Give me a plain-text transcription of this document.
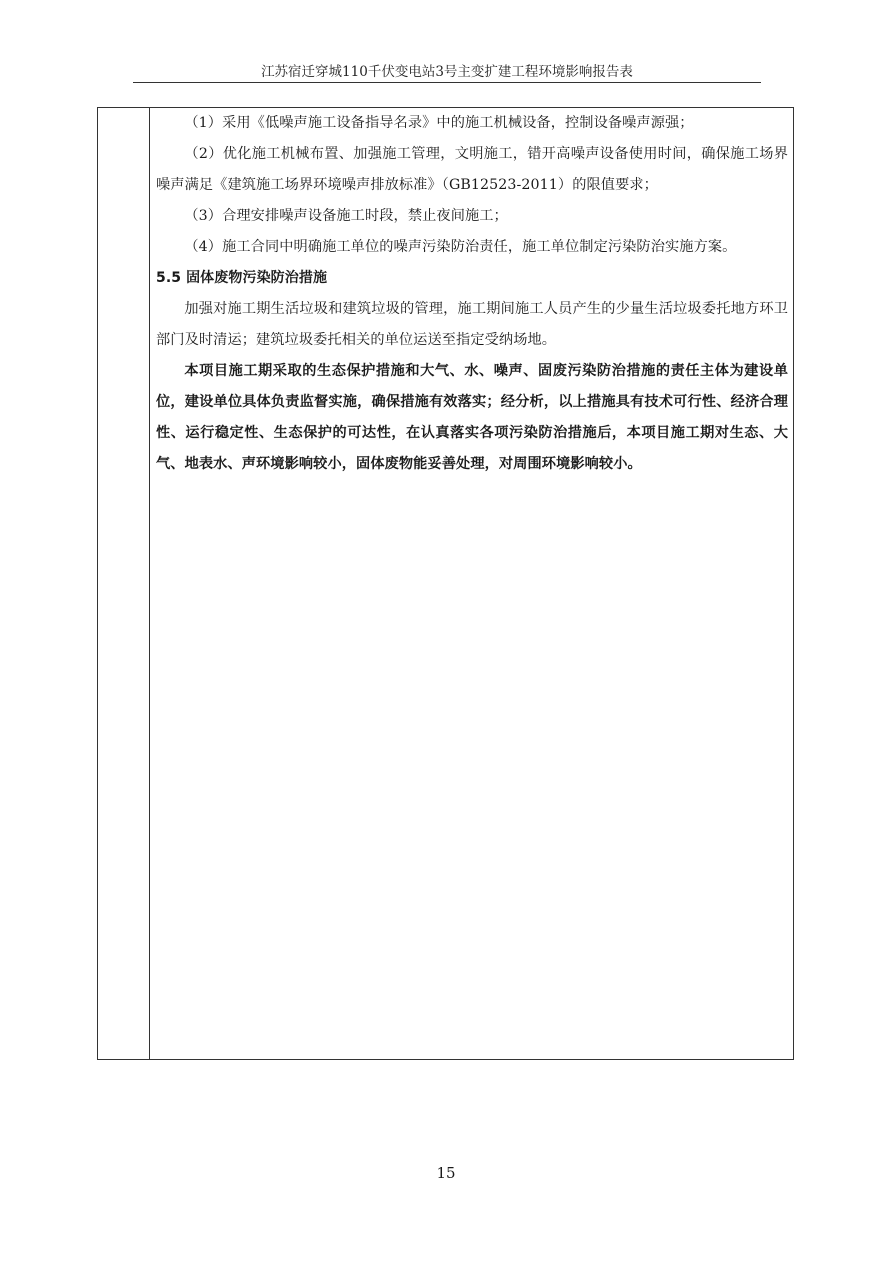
江苏宿迁穿城110千伏变电站3号主变扩建工程环境影响报告表

（1）采用《低噪声施工设备指导名录》中的施工机械设备，控制设备噪声源强；

（2）优化施工机械布置、加强施工管理，文明施工，错开高噪声设备使用时间，确保施工场界噪声满足《建筑施工场界环境噪声排放标准》（GB12523-2011）的限值要求；

（3）合理安排噪声设备施工时段，禁止夜间施工；

（4）施工合同中明确施工单位的噪声污染防治责任，施工单位制定污染防治实施方案。

5.5 固体废物污染防治措施

加强对施工期生活垃圾和建筑垃圾的管理，施工期间施工人员产生的少量生活垃圾委托地方环卫部门及时清运；建筑垃圾委托相关的单位运送至指定受纳场地。

本项目施工期采取的生态保护措施和大气、水、噪声、固废污染防治措施的责任主体为建设单位，建设单位具体负责监督实施，确保措施有效落实；经分析，以上措施具有技术可行性、经济合理性、运行稳定性、生态保护的可达性，在认真落实各项污染防治措施后，本项目施工期对生态、大气、地表水、声环境影响较小，固体废物能妥善处理，对周围环境影响较小。

15
